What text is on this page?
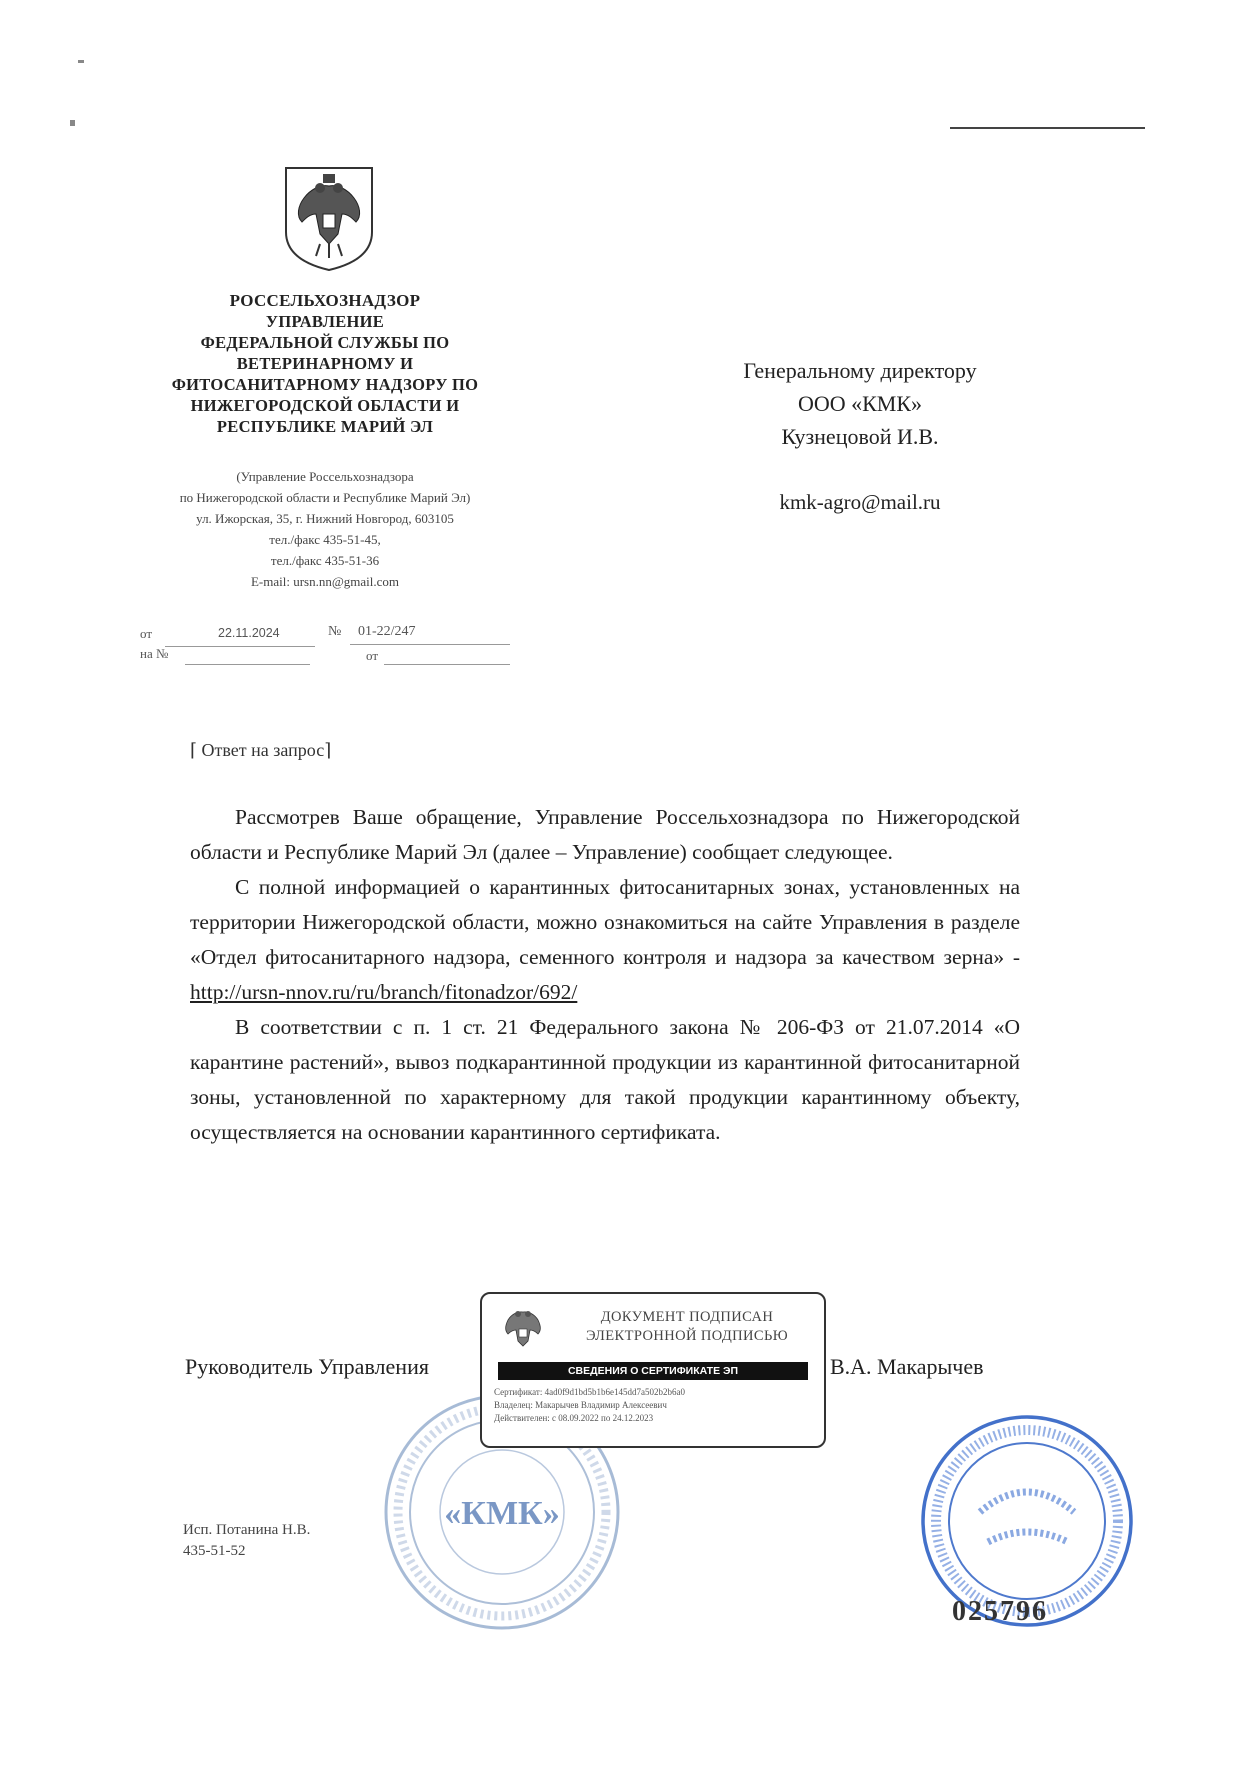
РОССЕЛЬХОЗНАДЗОР
УПРАВЛЕНИЕ
ФЕДЕРАЛЬНОЙ СЛУЖБЫ ПО
ВЕТЕРИНАРНОМУ И
ФИТОСАНИТАРНОМУ НАДЗОРУ ПО
НИЖЕГОРОДСКОЙ ОБЛАСТИ И
РЕСПУБЛИКЕ МАРИЙ ЭЛ
(Управление Россельхознадзора
по Нижегородской области и Республике Марий Эл)
ул. Ижорская, 35, г. Нижний Новгород, 603105
тел./факс 435-51-45,
тел./факс 435-51-36
E-mail: ursn.nn@gmail.com
от	22.11.2024	№ 01-22/247
на №	от
Генеральному директору
ООО «КМК»
Кузнецовой И.В.
kmk-agro@mail.ru
⌈ Ответ на запрос⌉

Рассмотрев Ваше обращение, Управление Россельхознадзора по Нижегородской области и Республике Марий Эл (далее – Управление) сообщает следующее.

С полной информацией о карантинных фитосанитарных зонах, установленных на территории Нижегородской области, можно ознакомиться на сайте Управления в разделе «Отдел фитосанитарного надзора, семенного контроля и надзора за качеством зерна» - http://ursn-nnov.ru/ru/branch/fitonadzor/692/

В соответствии с п. 1 ст. 21 Федерального закона № 206-ФЗ от 21.07.2014 «О карантине растений», вывоз подкарантинной продукции из карантинной фитосанитарной зоны, установленной по характерному для такой продукции карантинному объекту, осуществляется на основании карантинного сертификата.

Руководитель Управления	В.А. Макарычев
«КМК»
ДОКУМЕНТ ПОДПИСАН
ЭЛЕКТРОННОЙ ПОДПИСЬЮ
СВЕДЕНИЯ О СЕРТИФИКАТЕ ЭП
Сертификат: 4ad0f9d1bd5b1b6e145dd7a502b2b6a0
Владелец: Макарычев Владимир Алексеевич
Действителен: с 08.09.2022 по 24.12.2023
Исп. Потанина Н.В.
435-51-52
025796
